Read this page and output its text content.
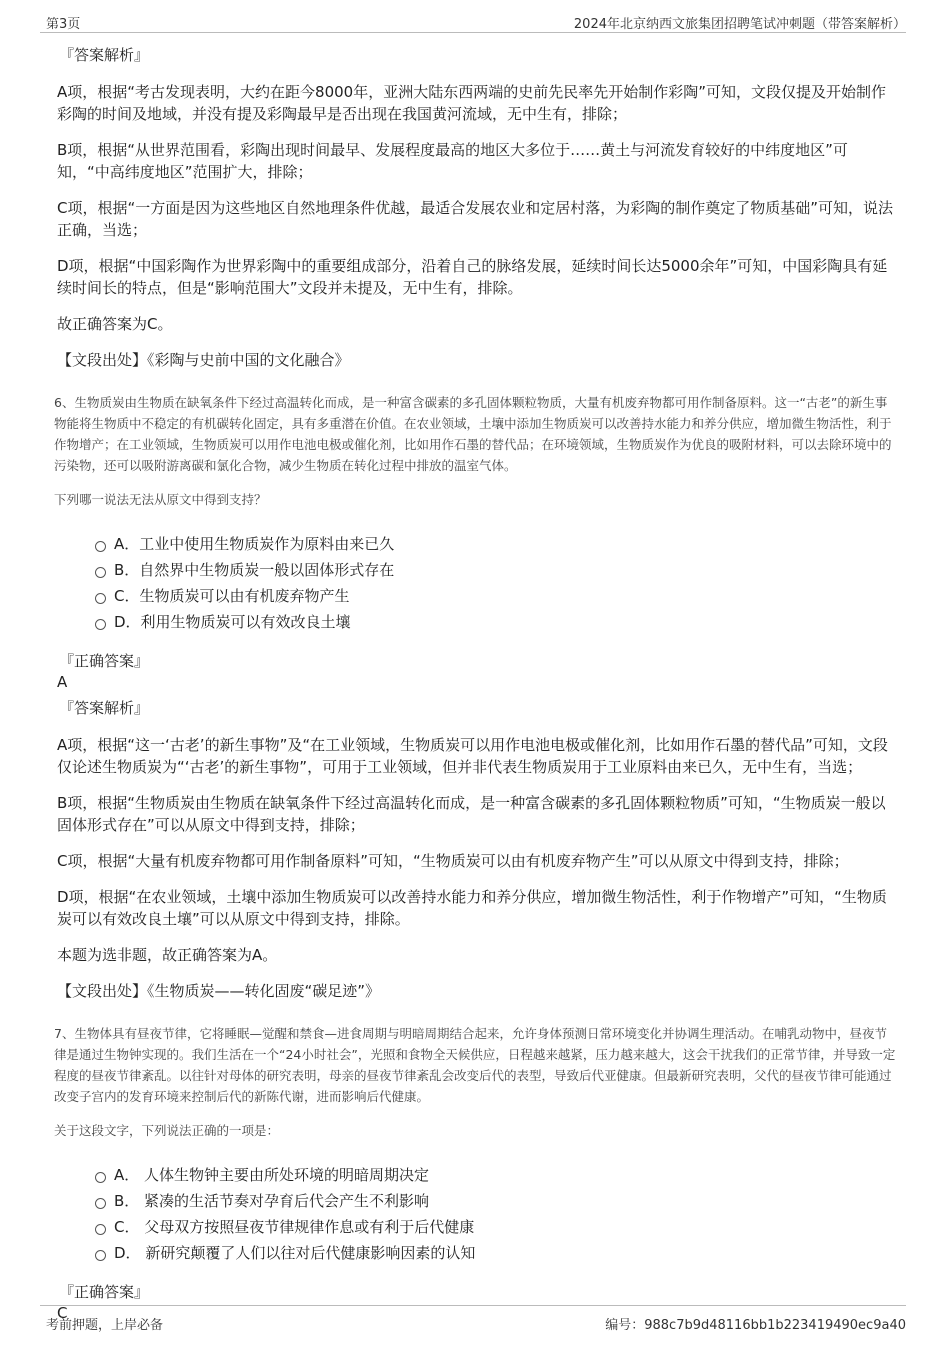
第3页	2024年北京纳西文旅集团招聘笔试冲刺题（带答案解析）
『答案解析』

A项，根据“考古发现表明，大约在距今8000年，亚洲大陆东西两端的史前先民率先开始制作彩陶”可知，文段仅提及开始制作彩陶的时间及地域，并没有提及彩陶最早是否出现在我国黄河流域，无中生有，排除；

B项，根据“从世界范围看，彩陶出现时间最早、发展程度最高的地区大多位于……黄土与河流发育较好的中纬度地区”可知，“中高纬度地区”范围扩大，排除；

C项，根据“一方面是因为这些地区自然地理条件优越，最适合发展农业和定居村落，为彩陶的制作奠定了物质基础”可知，说法正确，当选；

D项，根据“中国彩陶作为世界彩陶中的重要组成部分，沿着自己的脉络发展，延续时间长达5000余年”可知，中国彩陶具有延续时间长的特点，但是“影响范围大”文段并未提及，无中生有，排除。

故正确答案为C。

【文段出处】《彩陶与史前中国的文化融合》

6、生物质炭由生物质在缺氧条件下经过高温转化而成，是一种富含碳素的多孔固体颗粒物质，大量有机废弃物都可用作制备原料。这一“古老”的新生事物能将生物质中不稳定的有机碳转化固定，具有多重潜在价值。在农业领域，土壤中添加生物质炭可以改善持水能力和养分供应，增加微生物活性，利于作物增产；在工业领域，生物质炭可以用作电池电极或催化剂，比如用作石墨的替代品；在环境领域，生物质炭作为优良的吸附材料，可以去除环境中的污染物，还可以吸附游离碳和氯化合物，减少生物质在转化过程中排放的温室气体。

下列哪一说法无法从原文中得到支持？
A．工业中使用生物质炭作为原料由来已久
B．自然界中生物质炭一般以固体形式存在
C．生物质炭可以由有机废弃物产生
D．利用生物质炭可以有效改良土壤
『正确答案』
A
『答案解析』

A项，根据“这一‘古老’的新生事物”及“在工业领域，生物质炭可以用作电池电极或催化剂，比如用作石墨的替代品”可知，文段仅论述生物质炭为“‘古老’的新生事物”，可用于工业领域，但并非代表生物质炭用于工业原料由来已久，无中生有，当选；

B项，根据“生物质炭由生物质在缺氧条件下经过高温转化而成，是一种富含碳素的多孔固体颗粒物质”可知，“生物质炭一般以固体形式存在”可以从原文中得到支持，排除；

C项，根据“大量有机废弃物都可用作制备原料”可知，“生物质炭可以由有机废弃物产生”可以从原文中得到支持，排除；

D项，根据“在农业领域，土壤中添加生物质炭可以改善持水能力和养分供应，增加微生物活性，利于作物增产”可知，“生物质炭可以有效改良土壤”可以从原文中得到支持，排除。

本题为选非题，故正确答案为A。

【文段出处】《生物质炭——转化固废“碳足迹”》

7、生物体具有昼夜节律，它将睡眠—觉醒和禁食—进食周期与明暗周期结合起来，允许身体预测日常环境变化并协调生理活动。在哺乳动物中，昼夜节律是通过生物钟实现的。我们生活在一个“24小时社会”，光照和食物全天候供应，日程越来越紧，压力越来越大，这会干扰我们的正常节律，并导致一定程度的昼夜节律紊乱。以往针对母体的研究表明，母亲的昼夜节律紊乱会改变后代的表型，导致后代亚健康。但最新研究表明，父代的昼夜节律可能通过改变子宫内的发育环境来控制后代的新陈代谢，进而影响后代健康。

关于这段文字，下列说法正确的一项是：
A． 人体生物钟主要由所处环境的明暗周期决定
B． 紧凑的生活节奏对孕育后代会产生不利影响
C． 父母双方按照昼夜节律规律作息或有利于后代健康
D． 新研究颠覆了人们以往对后代健康影响因素的认知
『正确答案』
C
考前押题，上岸必备	编号：988c7b9d48116bb1b223419490ec9a40
